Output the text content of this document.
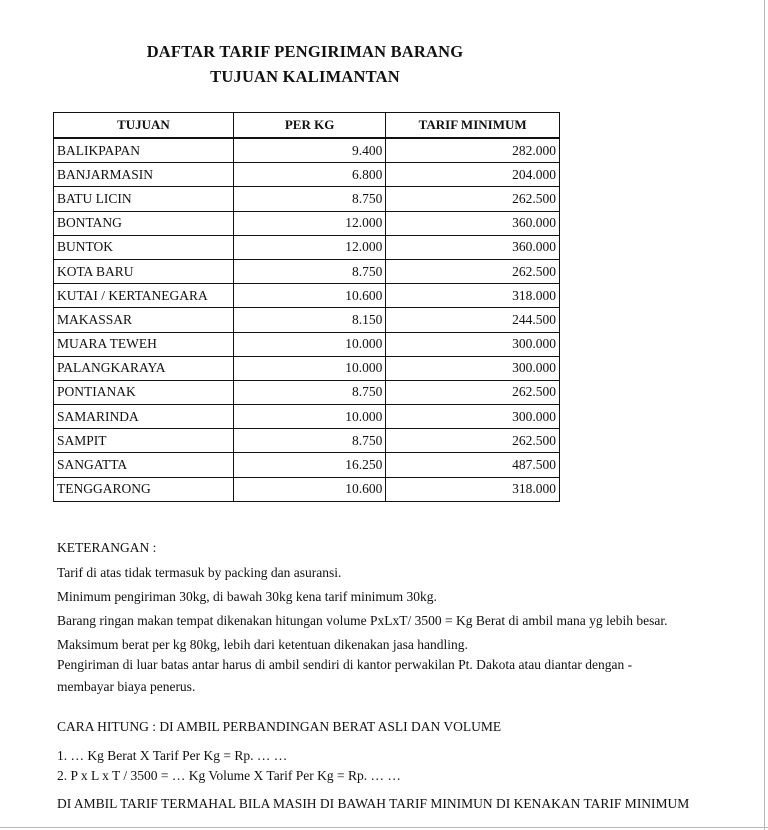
DAFTAR TARIF PENGIRIMAN BARANG
TUJUAN KALIMANTAN
TUJUAN	PER KG	TARIF MINIMUM
BALIKPAPAN	9.400	282.000
BANJARMASIN	6.800	204.000
BATU LICIN	8.750	262.500
BONTANG	12.000	360.000
BUNTOK	12.000	360.000
KOTA BARU	8.750	262.500
KUTAI / KERTANEGARA	10.600	318.000
MAKASSAR	8.150	244.500
MUARA TEWEH	10.000	300.000
PALANGKARAYA	10.000	300.000
PONTIANAK	8.750	262.500
SAMARINDA	10.000	300.000
SAMPIT	8.750	262.500
SANGATTA	16.250	487.500
TENGGARONG	10.600	318.000
KETERANGAN :
Tarif di atas tidak termasuk by packing dan asuransi.
Minimum pengiriman 30kg, di bawah 30kg kena tarif minimum 30kg.
Barang ringan makan tempat dikenakan hitungan volume PxLxT/ 3500 = Kg Berat di ambil mana yg lebih besar.
Maksimum berat per kg 80kg, lebih dari ketentuan dikenakan jasa handling.
Pengiriman di luar batas antar harus di ambil sendiri di kantor perwakilan Pt. Dakota atau diantar dengan -
membayar biaya penerus.
CARA HITUNG : DI AMBIL PERBANDINGAN BERAT ASLI DAN VOLUME
1. … Kg Berat X Tarif Per Kg = Rp. … …
2. P x L x T / 3500 = … Kg Volume X Tarif Per Kg = Rp. … …
DI AMBIL TARIF TERMAHAL BILA MASIH DI BAWAH TARIF MINIMUN DI KENAKAN TARIF MINIMUM
